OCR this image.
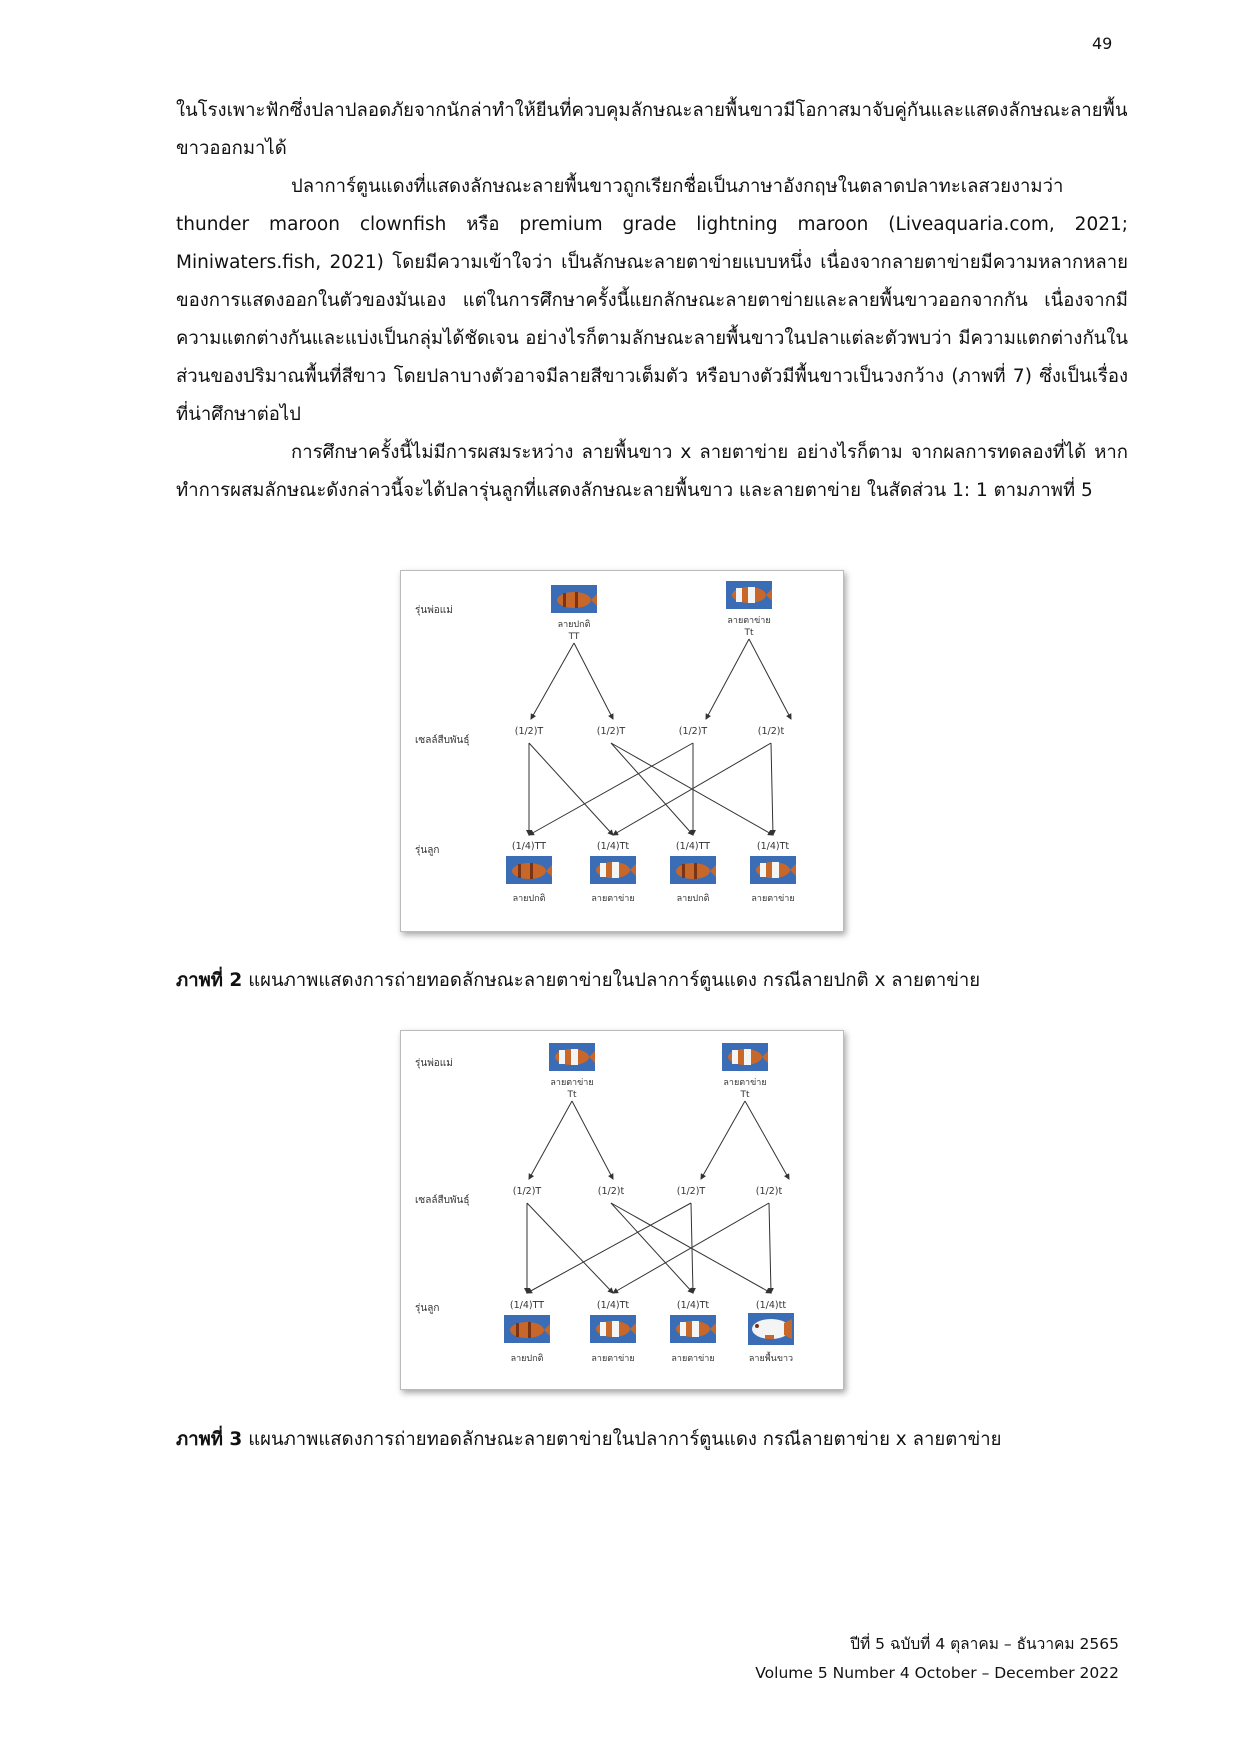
49

ในโรงเพาะฟักซึ่งปลาปลอดภัยจากนักล่าทำให้ยีนที่ควบคุมลักษณะลายพื้นขาวมีโอกาสมาจับคู่กันและแสดงลักษณะลายพื้นขาวออกมาได้

ปลาการ์ตูนแดงที่แสดงลักษณะลายพื้นขาวถูกเรียกชื่อเป็นภาษาอังกฤษในตลาดปลาทะเลสวยงามว่า thunder maroon clownfish หรือ premium grade lightning maroon (Liveaquaria.com, 2021; Miniwaters.fish, 2021) โดยมีความเข้าใจว่า เป็นลักษณะลายตาข่ายแบบหนึ่ง เนื่องจากลายตาข่ายมีความหลากหลายของการแสดงออกในตัวของมันเอง แต่ในการศึกษาครั้งนี้แยกลักษณะลายตาข่ายและลายพื้นขาวออกจากกัน เนื่องจากมีความแตกต่างกันและแบ่งเป็นกลุ่มได้ชัดเจน อย่างไรก็ตามลักษณะลายพื้นขาวในปลาแต่ละตัวพบว่า มีความแตกต่างกันในส่วนของปริมาณพื้นที่สีขาว โดยปลาบางตัวอาจมีลายสีขาวเต็มตัว หรือบางตัวมีพื้นขาวเป็นวงกว้าง (ภาพที่ 7) ซึ่งเป็นเรื่องที่น่าศึกษาต่อไป

การศึกษาครั้งนี้ไม่มีการผสมระหว่าง ลายพื้นขาว x ลายตาข่าย อย่างไรก็ตาม จากผลการทดลองที่ได้ หากทำการผสมลักษณะดังกล่าวนี้จะได้ปลารุ่นลูกที่แสดงลักษณะลายพื้นขาว และลายตาข่าย ในสัดส่วน 1: 1 ตามภาพที่ 5

รุ่นพ่อแม่
เซลล์สืบพันธุ์
รุ่นลูก
ลายปกติ
TT
ลายตาข่าย
Tt
(1/2)T	(1/2)T	(1/2)T	(1/2)t
(1/4)TT	(1/4)Tt	(1/4)TT	(1/4)Tt
ลายปกติ	ลายตาข่าย	ลายปกติ	ลายตาข่าย
ภาพที่ 2 แผนภาพแสดงการถ่ายทอดลักษณะลายตาข่ายในปลาการ์ตูนแดง กรณีลายปกติ x ลายตาข่าย
รุ่นพ่อแม่
เซลล์สืบพันธุ์
รุ่นลูก
ลายตาข่าย
Tt
ลายตาข่าย
Tt
(1/2)T	(1/2)t	(1/2)T	(1/2)t
(1/4)TT	(1/4)Tt	(1/4)Tt	(1/4)tt
ลายปกติ	ลายตาข่าย	ลายตาข่าย	ลายพื้นขาว
ภาพที่ 3 แผนภาพแสดงการถ่ายทอดลักษณะลายตาข่ายในปลาการ์ตูนแดง กรณีลายตาข่าย x ลายตาข่าย
ปีที่ 5 ฉบับที่ 4 ตุลาคม – ธันวาคม 2565
Volume 5 Number 4 October – December 2022
